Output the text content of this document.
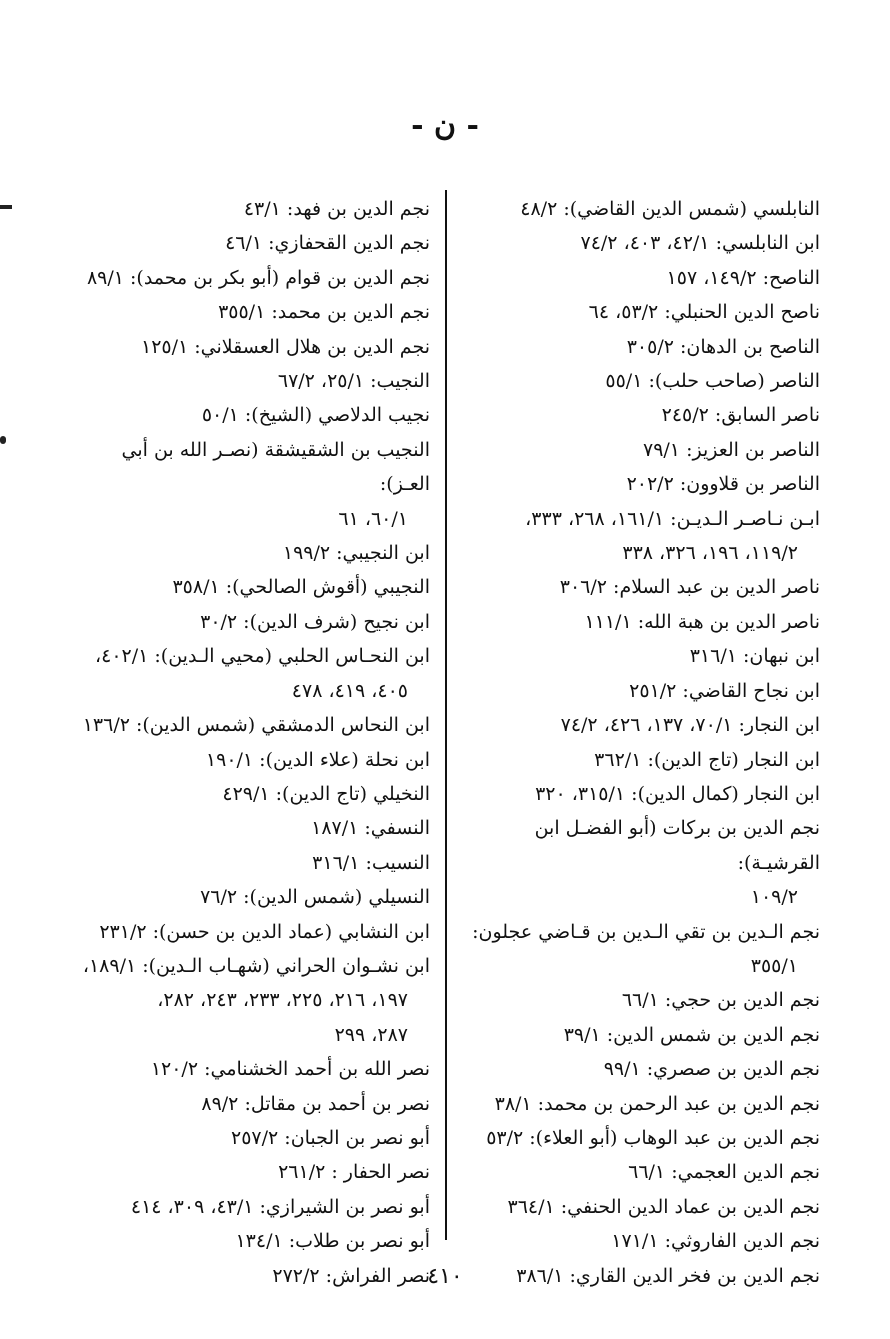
- ن -
النابلسي (شمس الدين القاضي): ٤٨/٢
ابن النابلسي: ٤٢/١، ٤٠٣، ٧٤/٢
الناصح: ١٤٩/٢، ١٥٧
ناصح الدين الحنبلي: ٥٣/٢، ٦٤
الناصح بن الدهان: ٣٠٥/٢
الناصر (صاحب حلب): ٥٥/١
ناصر السابق: ٢٤٥/٢
الناصر بن العزيز: ٧٩/١
الناصر بن قلاوون: ٢٠٢/٢
ابـن نـاصـر الـديـن: ١٦١/١، ٢٦٨، ٣٣٣،
١١٩/٢، ١٩٦، ٣٢٦، ٣٣٨
ناصر الدين بن عبد السلام: ٣٠٦/٢
ناصر الدين بن هبة الله: ١١١/١
ابن نبهان: ٣١٦/١
ابن نجاح القاضي: ٢٥١/٢
ابن النجار: ٧٠/١، ١٣٧، ٤٢٦، ٧٤/٢
ابن النجار (تاج الدين): ٣٦٢/١
ابن النجار (كمال الدين): ٣١٥/١، ٣٢٠
نجم الدين بن بركات (أبو الفضـل ابن القرشيـة):
١٠٩/٢
نجم الـدين بن تقي الـدين بن قـاضي عجلون:
٣٥٥/١
نجم الدين بن حجي: ٦٦/١
نجم الدين بن شمس الدين: ٣٩/١
نجم الدين بن صصري: ٩٩/١
نجم الدين بن عبد الرحمن بن محمد: ٣٨/١
نجم الدين بن عبد الوهاب (أبو العلاء): ٥٣/٢
نجم الدين العجمي: ٦٦/١
نجم الدين بن عماد الدين الحنفي: ٣٦٤/١
نجم الدين الفاروثي: ١٧١/١
نجم الدين بن فخر الدين القاري: ٣٨٦/١
نجم الدين بن فهد: ٤٣/١
نجم الدين القحفازي: ٤٦/١
نجم الدين بن قوام (أبو بكر بن محمد): ٨٩/١
نجم الدين بن محمد: ٣٥٥/١
نجم الدين بن هلال العسقلاني: ١٢٥/١
النجيب: ٢٥/١، ٦٧/٢
نجيب الدلاصي (الشيخ): ٥٠/١
النجيب بن الشقيشقة (نصـر الله بن أبي العـز):
٦٠/١، ٦١
ابن النجيبي: ١٩٩/٢
النجيبي (أقوش الصالحي): ٣٥٨/١
ابن نجيح (شرف الدين): ٣٠/٢
ابن النحـاس الحلبي (محيي الـدين): ٤٠٢/١،
٤٠٥، ٤١٩، ٤٧٨
ابن النحاس الدمشقي (شمس الدين): ١٣٦/٢
ابن نحلة (علاء الدين): ١٩٠/١
النخيلي (تاج الدين): ٤٢٩/١
النسفي: ١٨٧/١
النسيب: ٣١٦/١
النسيلي (شمس الدين): ٧٦/٢
ابن النشابي (عماد الدين بن حسن): ٢٣١/٢
ابن نشـوان الحراني (شهـاب الـدين): ١٨٩/١،
١٩٧، ٢١٦، ٢٢٥، ٢٣٣، ٢٤٣، ٢٨٢،
٢٨٧، ٢٩٩
نصر الله بن أحمد الخشنامي: ١٢٠/٢
نصر بن أحمد بن مقاتل: ٨٩/٢
أبو نصر بن الجبان: ٢٥٧/٢
نصر الحفار : ٢٦١/٢
أبو نصر بن الشيرازي: ٤٣/١، ٣٠٩، ٤١٤
أبو نصر بن طلاب: ١٣٤/١
نصر الفراش: ٢٧٢/٢
٤١٠
